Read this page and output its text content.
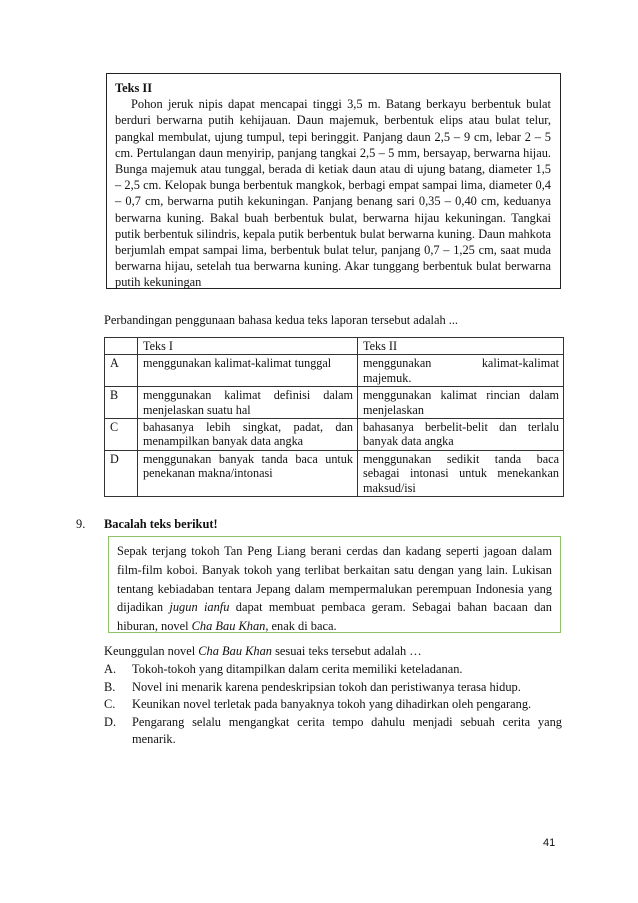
Teks II

Pohon jeruk nipis dapat mencapai tinggi 3,5 m. Batang berkayu berbentuk bulat berduri berwarna putih kehijauan. Daun majemuk, berbentuk elips atau bulat telur, pangkal membulat, ujung tumpul, tepi beringgit. Panjang daun 2,5 – 9 cm, lebar 2 – 5 cm. Pertulangan daun menyirip, panjang tangkai 2,5 – 5 mm, bersayap, berwarna hijau. Bunga majemuk atau tunggal, berada di ketiak daun atau di ujung batang, diameter 1,5 – 2,5 cm. Kelopak bunga berbentuk mangkok, berbagi empat sampai lima, diameter 0,4 – 0,7 cm, berwarna putih kekuningan. Panjang benang sari 0,35 – 0,40 cm, keduanya berwarna kuning. Bakal buah berbentuk bulat, berwarna hijau kekuningan. Tangkai putik berbentuk silindris, kepala putik berbentuk bulat berwarna kuning. Daun mahkota berjumlah empat sampai lima, berbentuk bulat telur, panjang 0,7 – 1,25 cm, saat muda berwarna hijau, setelah tua berwarna kuning. Akar tunggang berbentuk bulat berwarna putih kekuningan

Perbandingan penggunaan bahasa kedua teks laporan tersebut adalah ...
	Teks I	Teks II
A	menggunakan kalimat-kalimat tunggal	menggunakan kalimat-kalimat majemuk.
B	menggunakan kalimat definisi dalam menjelaskan suatu hal	menggunakan kalimat rincian dalam menjelaskan
C	bahasanya lebih singkat, padat, dan menampilkan banyak data angka	bahasanya berbelit-belit dan terlalu banyak data angka
D	menggunakan banyak tanda baca untuk penekanan makna/intonasi	menggunakan sedikit tanda baca sebagai intonasi untuk menekankan maksud/isi
9. Bacalah teks berikut!

Sepak terjang tokoh Tan Peng Liang berani cerdas dan kadang seperti jagoan dalam film-film koboi. Banyak tokoh yang terlibat berkaitan satu dengan yang lain. Lukisan tentang kebiadaban tentara Jepang dalam mempermalukan perempuan Indonesia yang dijadikan jugun ianfu dapat membuat pembaca geram. Sebagai bahan bacaan dan hiburan, novel Cha Bau Khan, enak di baca.

Keunggulan novel Cha Bau Khan sesuai teks tersebut adalah …
A.	Tokoh-tokoh yang ditampilkan dalam cerita memiliki keteladanan.
B.	Novel ini menarik karena pendeskripsian tokoh dan peristiwanya terasa hidup.
C.	Keunikan novel terletak pada banyaknya tokoh yang dihadirkan oleh pengarang.
D.	Pengarang selalu mengangkat cerita tempo dahulu menjadi sebuah cerita yang menarik.
41
